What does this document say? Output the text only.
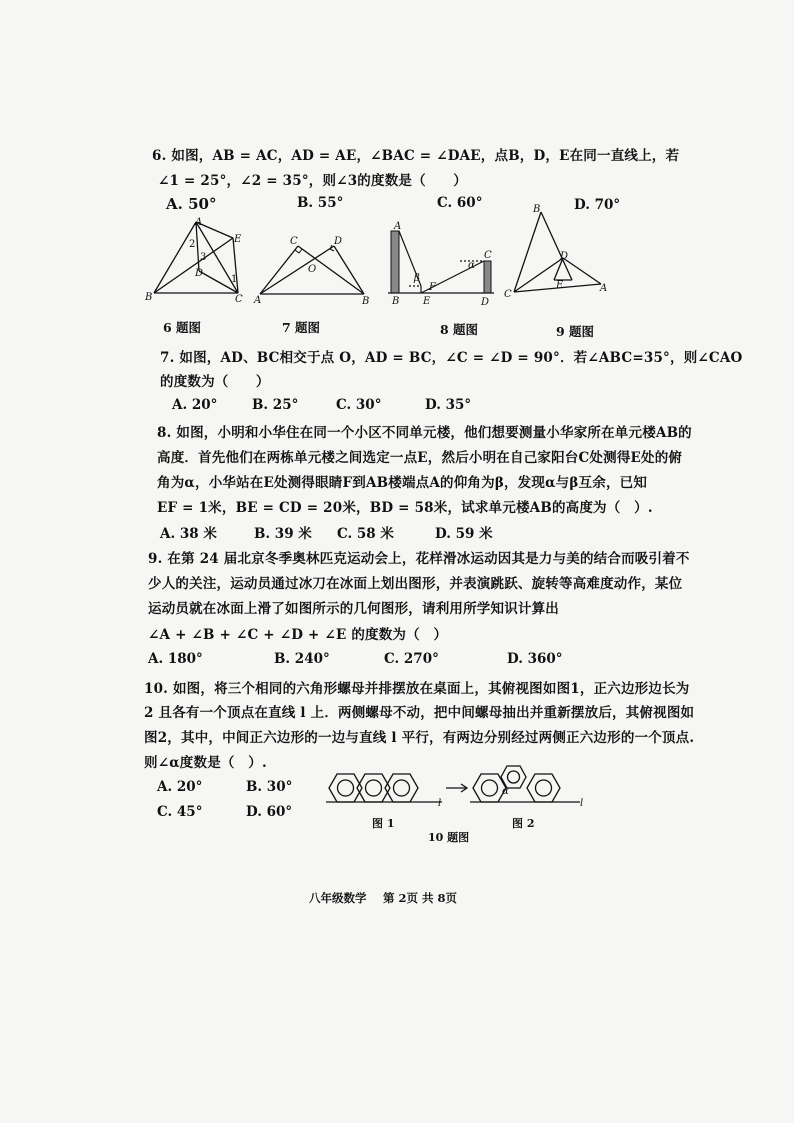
6. 如图，AB = AC，AD = AE，∠BAC = ∠DAE，点B，D，E在同一直线上，若
∠1 = 25°，∠2 = 35°，则∠3的度数是（　　）
A. 50°	B. 55°	C. 60°	D. 70°
A
E
2
3
D
1
B	C
C	D
O
A	B
A
C
α
β
F
B E	D
B
D
E
C
A
6 题图	7 题图	8 题图	9 题图
7. 如图，AD、BC相交于点 O，AD = BC，∠C = ∠D = 90°．若∠ABC=35°，则∠CAO
的度数为（　　）
A. 20°	B. 25°	C. 30°	D. 35°
8. 如图，小明和小华住在同一个小区不同单元楼，他们想要测量小华家所在单元楼AB的
高度．首先他们在两栋单元楼之间选定一点E，然后小明在自己家阳台C处测得E处的俯
角为α，小华站在E处测得眼睛F到AB楼端点A的仰角为β，发现α与β互余，已知
EF = 1米，BE = CD = 20米，BD = 58米，试求单元楼AB的高度为（　）.
A. 38 米	B. 39 米 C. 58 米	D. 59 米
9. 在第 24 届北京冬季奥林匹克运动会上，花样滑冰运动因其是力与美的结合而吸引着不
少人的关注，运动员通过冰刀在冰面上划出图形，并表演跳跃、旋转等高难度动作，某位
运动员就在冰面上滑了如图所示的几何图形，请利用所学知识计算出
∠A + ∠B + ∠C + ∠D + ∠E 的度数为（　）
A. 180°	B. 240°	C. 270°	D. 360°
10. 如图，将三个相同的六角形螺母并排摆放在桌面上，其俯视图如图1，正六边形边长为
2 且各有一个顶点在直线 l 上．两侧螺母不动，把中间螺母抽出并重新摆放后，其俯视图如
图2，其中，中间正六边形的一边与直线 l 平行，有两边分别经过两侧正六边形的一个顶点.
则∠α度数是（　）.
A. 20°	B. 30°
C. 45°	D. 60°
l	l
α
图 1	图 2
10 题图
八年级数学 第 2页 共 8页
